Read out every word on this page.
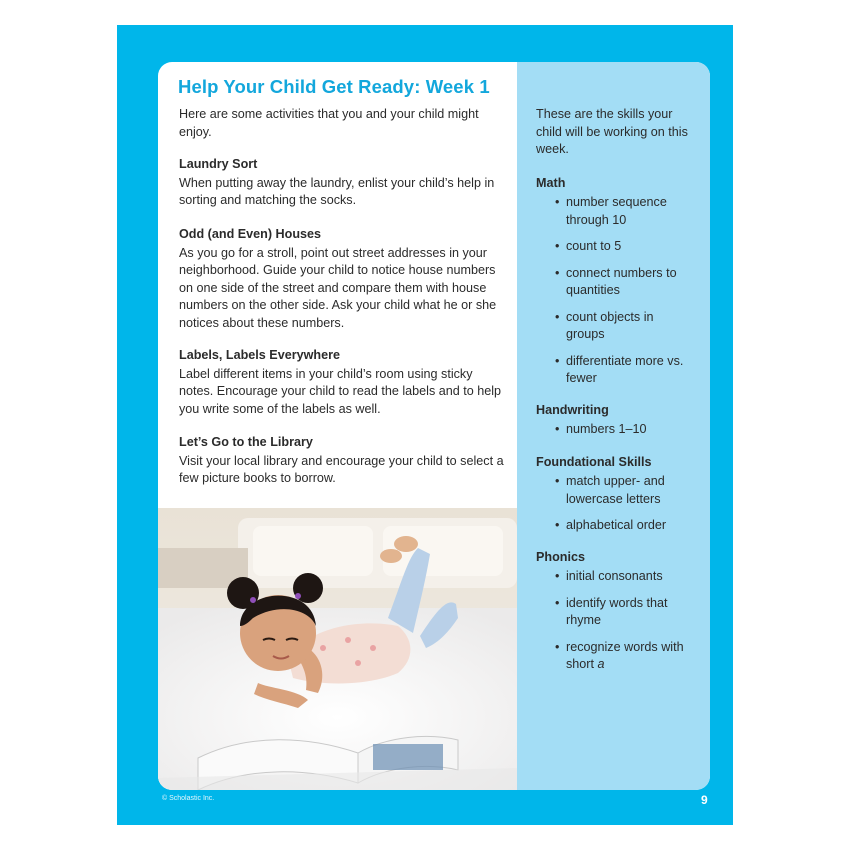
Help Your Child Get Ready: Week 1

Here are some activities that you and your child might enjoy.

Laundry Sort

When putting away the laundry, enlist your child’s help in sorting and matching the socks.

Odd (and Even) Houses

As you go for a stroll, point out street addresses in your neighborhood. Guide your child to notice house numbers on one side of the street and compare them with house numbers on the other side. Ask your child what he or she notices about these numbers.

Labels, Labels Everywhere

Label different items in your child’s room using sticky notes. Encourage your child to read the labels and to help you write some of the labels as well.

Let’s Go to the Library

Visit your local library and encourage your child to select a few picture books to borrow.

These are the skills your child will be working on this week.

Math

• number sequence through 10
• count to 5
• connect numbers to quantities
• count objects in groups
• differentiate more vs. fewer

Handwriting

• numbers 1–10

Foundational Skills

• match upper- and lowercase letters
• alphabetical order

Phonics

• initial consonants
• identify words that rhyme
• recognize words with short a
© Scholastic Inc.	9
